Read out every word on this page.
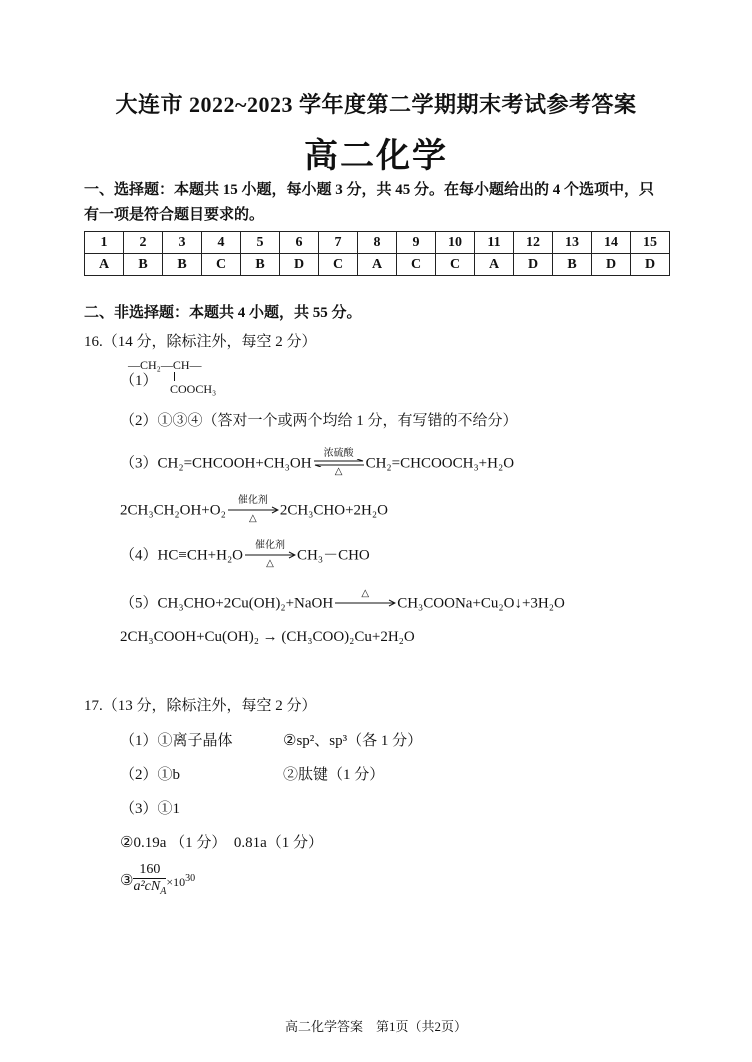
大连市 2022~2023 学年度第二学期期末考试参考答案
高二化学
一、选择题：本题共 15 小题，每小题 3 分，共 45 分。在每小题给出的 4 个选项中，只
有一项是符合题目要求的。
1	2	3	4	5	6	7	8	9	10	11	12	13	14	15
A	B	B	C	B	D	C	A	C	C	A	D	B	D	D
二、非选择题：本题共 4 小题，共 55 分。
16.（14 分，除标注外，每空 2 分）
（1）
—CH₂—CH—
COOCH₃
（2）①③④（答对一个或两个均给 1 分，有写错的不给分）
（3）CH₂=CHCOOH+CH₃OH
浓硫酸
△
CH₂=CHCOOCH₃+H₂O
2CH₃CH₂OH+O₂
催化剂
△
2CH₃CHO+2H₂O
（4）HC≡CH+H₂O
催化剂
△
CH₃－CHO
（5）CH₃CHO+2Cu(OH)₂+NaOH
△
CH₃COONa+Cu₂O↓+3H₂O
2CH₃COOH+Cu(OH)₂ → (CH₃COO)₂Cu+2H₂O
17.（13 分，除标注外，每空 2 分）
（1）①离子晶体	②sp²、sp³（各 1 分）
（2）①b	②肽键（1 分）
（3）①1
②0.19a （1 分）　0.81a（1 分）
③ $\frac{160}{a^2cN_A} \times 10^{30}$
高二化学答案　第1页（共2页）
